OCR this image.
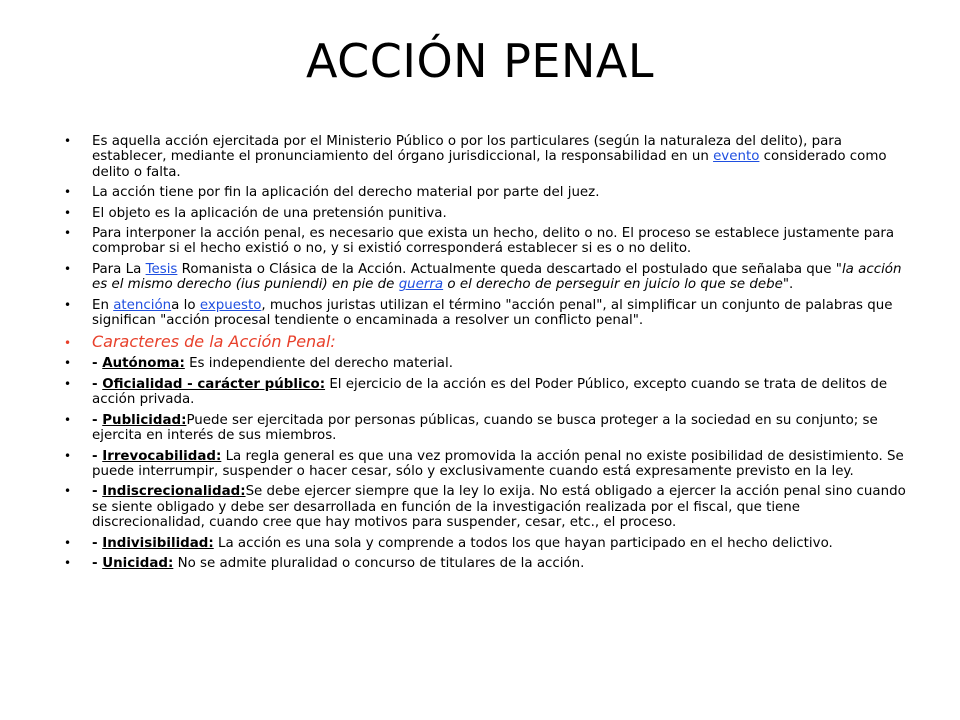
ACCIÓN PENAL
• Es aquella acción ejercitada por el Ministerio Público o por los particulares (según la naturaleza del delito), para establecer, mediante el pronunciamiento del órgano jurisdiccional, la responsabilidad en un evento considerado como delito o falta.
• La acción tiene por fin la aplicación del derecho material por parte del juez.
• El objeto es la aplicación de una pretensión punitiva.
• Para interponer la acción penal, es necesario que exista un hecho, delito o no. El proceso se establece justamente para comprobar si el hecho existió o no, y si existió corresponderá establecer si es o no delito.
• Para La Tesis Romanista o Clásica de la Acción. Actualmente queda descartado el postulado que señalaba que "la acción es el mismo derecho (ius puniendi) en pie de guerra o el derecho de perseguir en juicio lo que se debe".
• En atencióna lo expuesto, muchos juristas utilizan el término "acción penal", al simplificar un conjunto de palabras que significan "acción procesal tendiente o encaminada a resolver un conflicto penal".
• Caracteres de la Acción Penal:
• - Autónoma: Es independiente del derecho material.
• - Oficialidad - carácter público: El ejercicio de la acción es del Poder Público, excepto cuando se trata de delitos de acción privada.
• - Publicidad:Puede ser ejercitada por personas públicas, cuando se busca proteger a la sociedad en su conjunto; se ejercita en interés de sus miembros.
• - Irrevocabilidad: La regla general es que una vez promovida la acción penal no existe posibilidad de desistimiento. Se puede interrumpir, suspender o hacer cesar, sólo y exclusivamente cuando está expresamente previsto en la ley.
• - Indiscrecionalidad:Se debe ejercer siempre que la ley lo exija. No está obligado a ejercer la acción penal sino cuando se siente obligado y debe ser desarrollada en función de la investigación realizada por el fiscal, que tiene discrecionalidad, cuando cree que hay motivos para suspender, cesar, etc., el proceso.
• - Indivisibilidad: La acción es una sola y comprende a todos los que hayan participado en el hecho delictivo.
• - Unicidad: No se admite pluralidad o concurso de titulares de la acción.
